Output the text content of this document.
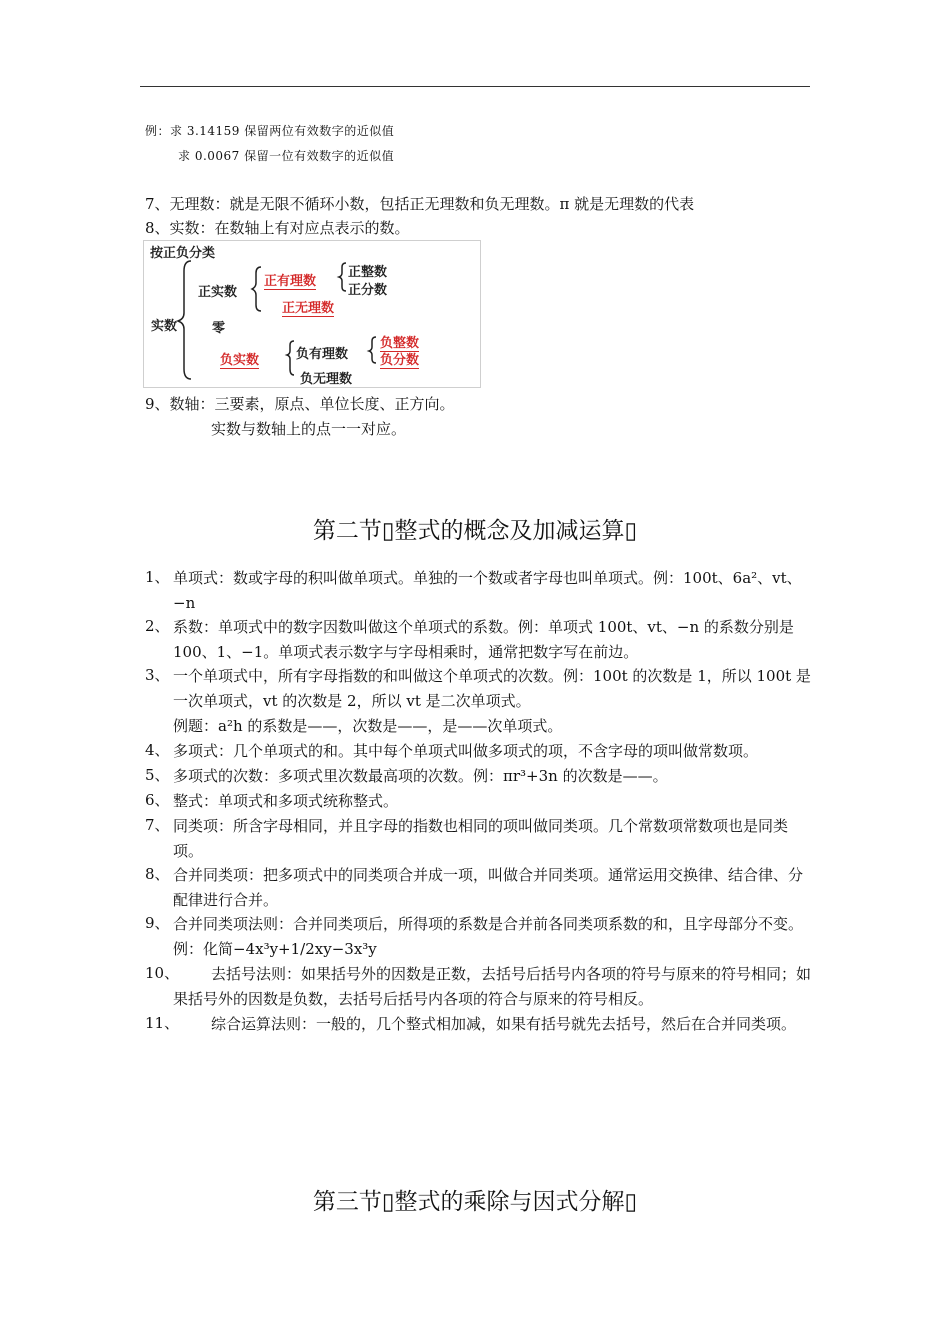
例：求 3.14159 保留两位有效数字的近似值
求 0.0067 保留一位有效数字的近似值
7、无理数：就是无限不循环小数，包括正无理数和负无理数。π 就是无理数的代表
8、实数：在数轴上有对应点表示的数。
按正负分类
实数
正实数
零
负实数
正有理数
正无理数
正整数
正分数
负有理数
负无理数
负整数
负分数
9、数轴：三要素，原点、单位长度、正方向。
实数与数轴上的点一一对应。
第二节▯整式的概念及加减运算▯
1、 单项式：数或字母的积叫做单项式。单独的一个数或者字母也叫单项式。例：100t、6a²、vt、−n
2、 系数：单项式中的数字因数叫做这个单项式的系数。例：单项式 100t、vt、−n 的系数分别是 100、1、−1。单项式表示数字与字母相乘时，通常把数字写在前边。
3、 一个单项式中，所有字母指数的和叫做这个单项式的次数。例：100t 的次数是 1，所以 100t 是一次单项式，vt 的次数是 2，所以 vt 是二次单项式。
例题：a²h 的系数是——，次数是——，是——次单项式。
4、 多项式：几个单项式的和。其中每个单项式叫做多项式的项，不含字母的项叫做常数项。
5、 多项式的次数：多项式里次数最高项的次数。例：πr³+3n 的次数是——。
6、 整式：单项式和多项式统称整式。
7、 同类项：所含字母相同，并且字母的指数也相同的项叫做同类项。几个常数项常数项也是同类项。
8、 合并同类项：把多项式中的同类项合并成一项，叫做合并同类项。通常运用交换律、结合律、分配律进行合并。
9、 合并同类项法则：合并同类项后，所得项的系数是合并前各同类项系数的和，且字母部分不变。例：化简−4x³y+1/2xy−3x³y
10、	去括号法则：如果括号外的因数是正数，去括号后括号内各项的符号与原来的符号相同；如果括号外的因数是负数，去括号后括号内各项的符合与原来的符号相反。
11、	综合运算法则：一般的，几个整式相加减，如果有括号就先去括号，然后在合并同类项。
第三节▯整式的乘除与因式分解▯
